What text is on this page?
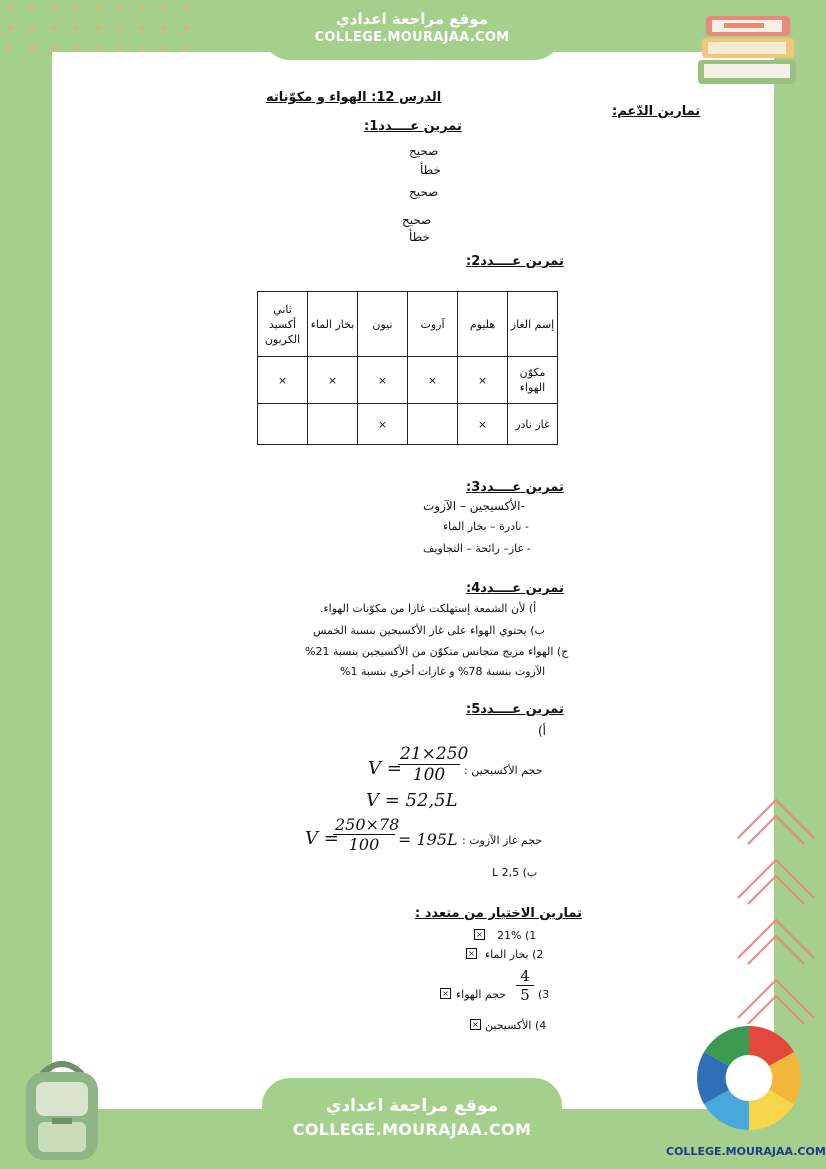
موقع مراجعة اعدادي
COLLEGE.MOURAJAA.COM
الدرس 12: الهواء و مكوّناته
تمارين الدّعم:
تمرين عــــدد1:
صحيح
خطأ
صحيح
صحيح
خطأ
تمرين عــــدد2:
إسم الغاز	هليوم	آزوت	نيون	بخار الماء	ثاني أكسيد الكربون
مكوّن الهواء	×	×	×	×	×
غاز نادر	×		×		
تمرين عــــدد3:
-الأكسيجين – الآزوت
- نادرة – بخار الماء
- غاز– رائحة – التجاويف
تمرين عــــدد4:
أ) لأن الشمعة إستهلكت غازا من مكوّنات الهواء.
ب) يحتوي الهواء على غاز الأكسيجين بنسبة الخمس
ج) الهواء مزيج متجانس متكوّن من الأكسيجين بنسبة 21%
الآزوت بنسبة 78% و غازات أخرى بنسبة 1%
تمرين عــــدد5:
أ)
حجم الأكسيجين :
V =
$\frac{21\times 250}{100}$
V = 52,5L
حجم غاز الآزوت :
V =
$\frac{250\times 78}{100} = 195L$
ب) 2,5 L
تمارين الاختيار من متعدد :
1) 21%
×
2) بخار الماء
×
3)
$\frac{4}{5}$
حجم الهواء
×
4) الأكسيجين
×
موقع مراجعة اعدادي
COLLEGE.MOURAJAA.COM
COLLEGE.MOURAJAA.COM
